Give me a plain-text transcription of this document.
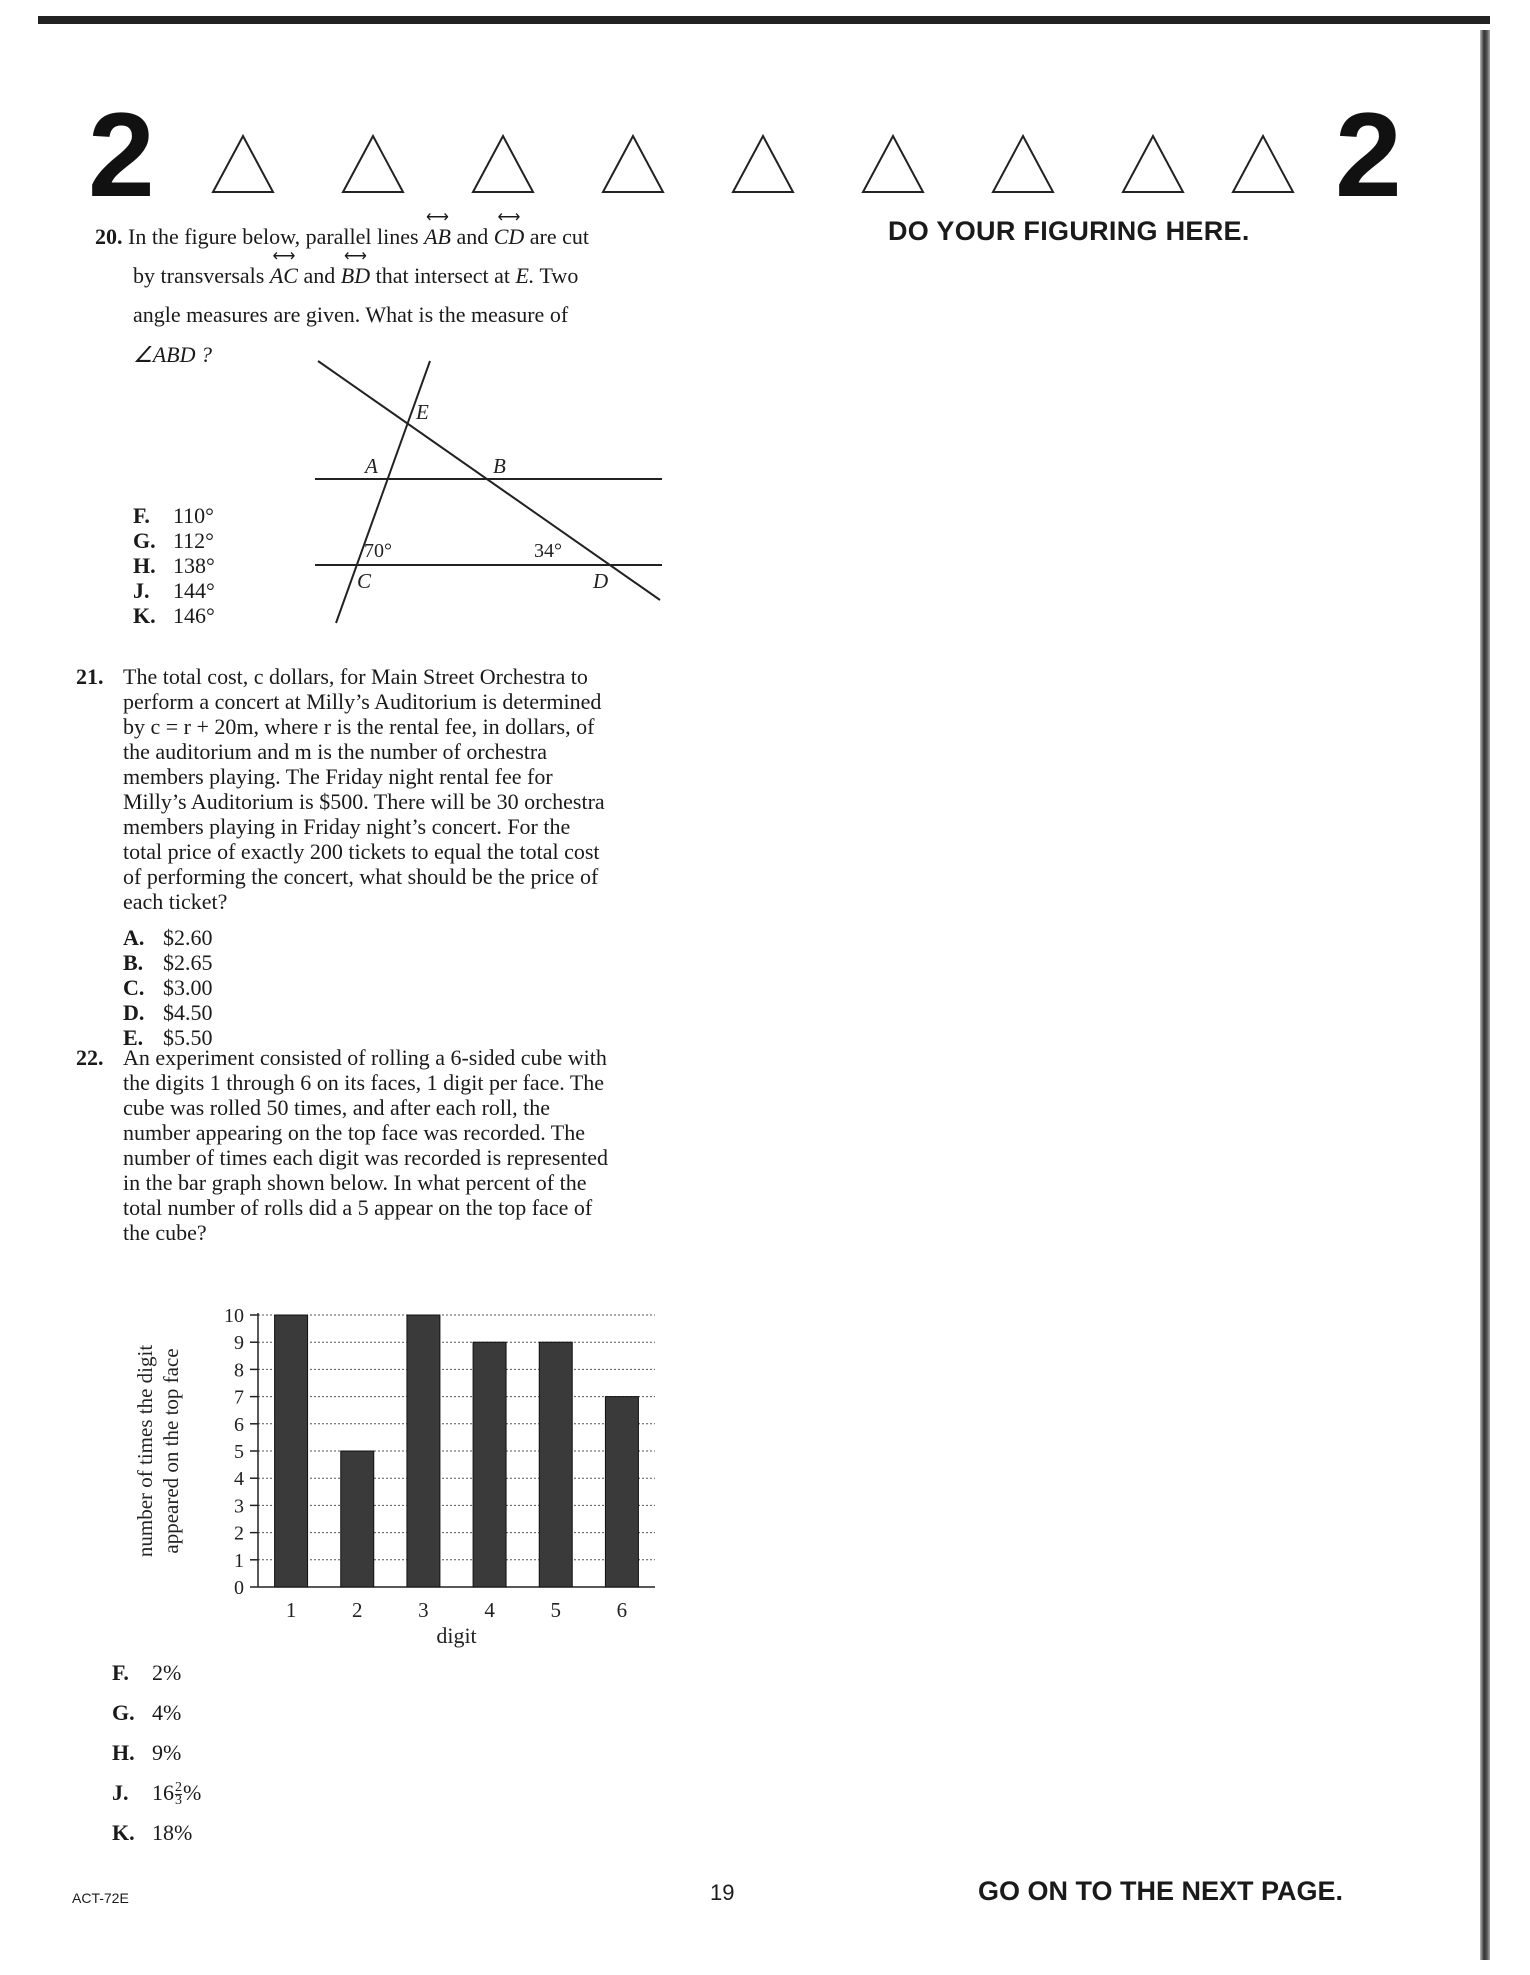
2	2
DO YOUR FIGURING HERE.
20. In the figure below, parallel lines
⟷
AB and
⟷
CD are cut
by transversals
⟷
AC and
⟷
BD that intersect at E. Two
angle measures are given. What is the measure of
∠ABD ?
E
A	B
C	D
70°	34°
F. 110°
G. 112°
H. 138°
J. 144°
K. 146°
21. The total cost, c dollars, for Main Street Orchestra to
perform a concert at Milly’s Auditorium is determined
by c = r + 20m, where r is the rental fee, in dollars, of
the auditorium and m is the number of orchestra
members playing. The Friday night rental fee for
Milly’s Auditorium is $500. There will be 30 orchestra
members playing in Friday night’s concert. For the
total price of exactly 200 tickets to equal the total cost
of performing the concert, what should be the price of
each ticket?
A. $2.60
B. $2.65
C. $3.00
D. $4.50
E. $5.50
22. An experiment consisted of rolling a 6-sided cube with
the digits 1 through 6 on its faces, 1 digit per face. The
cube was rolled 50 times, and after each roll, the
number appearing on the top face was recorded. The
number of times each digit was recorded is represented
in the bar graph shown below. In what percent of the
total number of rolls did a 5 appear on the top face of
the cube?
0
1
2
3
4
5
6
7
8
9
10
1	2	3	4	5	6
digit
number of times the digit appeared on the top face
F. 2%
G. 4%
H. 9%
J. $16 \frac{2}{3}$ %
K. 18%
ACT-72E	19	GO ON TO THE NEXT PAGE.
